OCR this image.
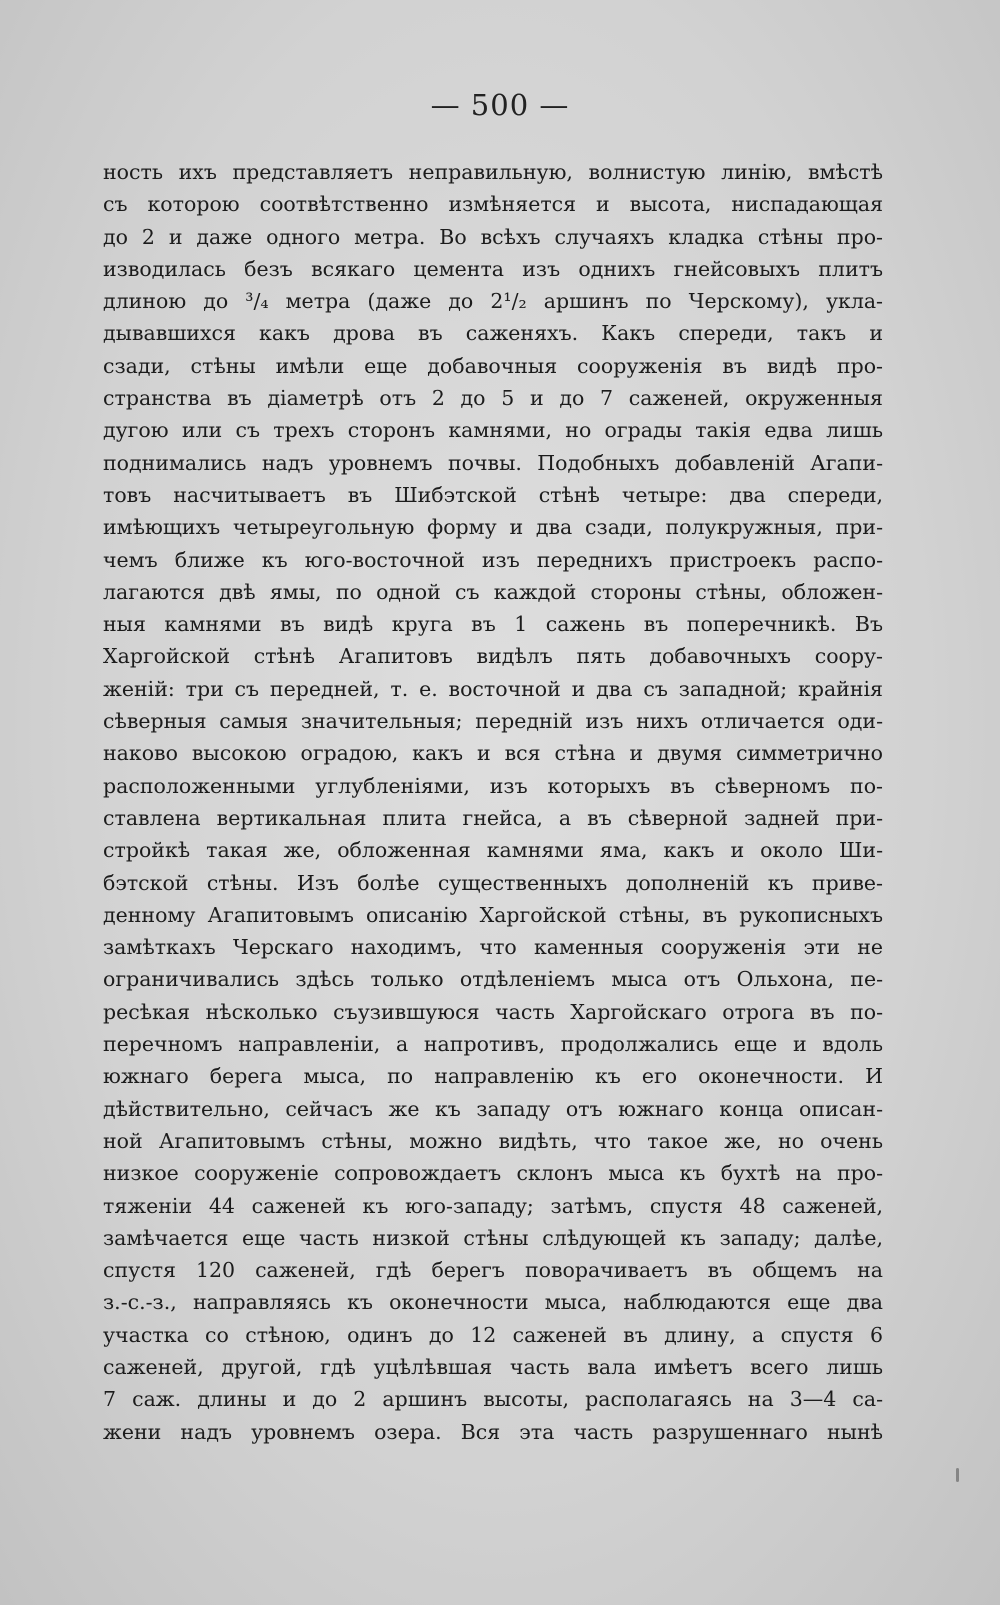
— 500 —
ность ихъ представляетъ неправильную, волнистую линію, вмѣстѣ
съ которою соотвѣтственно измѣняется и высота, ниспадающая
до 2 и даже одного метра. Во всѣхъ случаяхъ кладка стѣны про-
изводилась безъ всякаго цемента изъ однихъ гнейсовыхъ плитъ
длиною до ³/₄ метра (даже до 2¹/₂ аршинъ по Черскому), укла-
дывавшихся какъ дрова въ саженяхъ. Какъ спереди, такъ и
сзади, стѣны имѣли еще добавочныя сооруженія въ видѣ про-
странства въ діаметрѣ отъ 2 до 5 и до 7 саженей, окруженныя
дугою или съ трехъ сторонъ камнями, но ограды такія едва лишь
поднимались надъ уровнемъ почвы. Подобныхъ добавленій Агапи-
товъ насчитываетъ въ Шибэтской стѣнѣ четыре: два спереди,
имѣющихъ четыреугольную форму и два сзади, полукружныя, при-
чемъ ближе къ юго-восточной изъ переднихъ пристроекъ распо-
лагаются двѣ ямы, по одной съ каждой стороны стѣны, обложен-
ныя камнями въ видѣ круга въ 1 сажень въ поперечникѣ. Въ
Харгойской стѣнѣ Агапитовъ видѣлъ пять добавочныхъ соору-
женій: три съ передней, т. е. восточной и два съ западной; крайнія
сѣверныя самыя значительныя; передній изъ нихъ отличается оди-
наково высокою оградою, какъ и вся стѣна и двумя симметрично
расположенными углубленіями, изъ которыхъ въ сѣверномъ по-
ставлена вертикальная плита гнейса, а въ сѣверной задней при-
стройкѣ такая же, обложенная камнями яма, какъ и около Ши-
бэтской стѣны. Изъ болѣе существенныхъ дополненій къ приве-
денному Агапитовымъ описанію Харгойской стѣны, въ рукописныхъ
замѣткахъ Черскаго находимъ, что каменныя сооруженія эти не
ограничивались здѣсь только отдѣленіемъ мыса отъ Ольхона, пе-
ресѣкая нѣсколько съузившуюся часть Харгойскаго отрога въ по-
перечномъ направленіи, а напротивъ, продолжались еще и вдоль
южнаго берега мыса, по направленію къ его оконечности. И
дѣйствительно, сейчасъ же къ западу отъ южнаго конца описан-
ной Агапитовымъ стѣны, можно видѣть, что такое же, но очень
низкое сооруженіе сопровождаетъ склонъ мыса къ бухтѣ на про-
тяженіи 44 саженей къ юго-западу; затѣмъ, спустя 48 саженей,
замѣчается еще часть низкой стѣны слѣдующей къ западу; далѣе,
спустя 120 саженей, гдѣ берегъ поворачиваетъ въ общемъ на
з.-с.-з., направляясь къ оконечности мыса, наблюдаются еще два
участка со стѣною, одинъ до 12 саженей въ длину, а спустя 6
саженей, другой, гдѣ уцѣлѣвшая часть вала имѣетъ всего лишь
7 саж. длины и до 2 аршинъ высоты, располагаясь на 3—4 са-
жени надъ уровнемъ озера. Вся эта часть разрушеннаго нынѣ
